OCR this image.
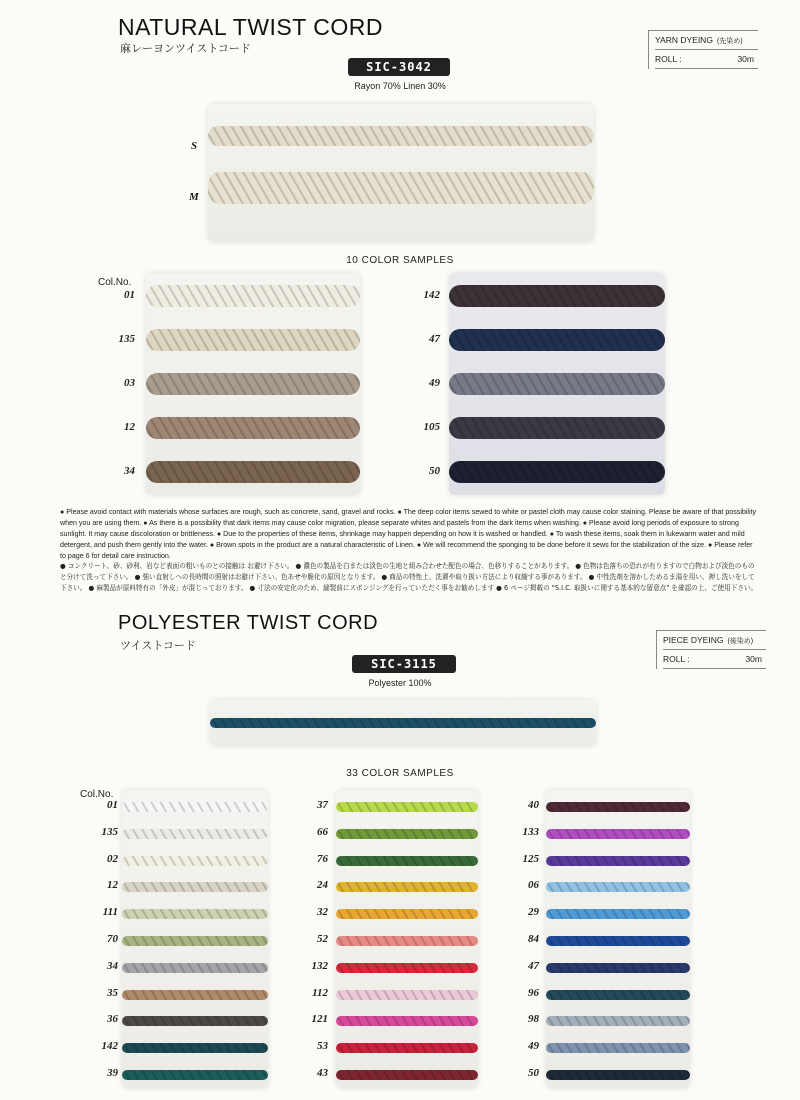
NATURAL TWIST CORD
麻レーヨンツイストコード
YARN DYEING (先染め)
ROLL :	30m
SIC-3042
Rayon 70% Linen 30%
S
M
10 COLOR SAMPLES
Col.No.
01
135
03
12
34
142
47
49
105
50
● Please avoid contact with materials whose surfaces are rough, such as concrete, sand, gravel and rocks. ● The deep color items sewed to white or pastel cloth may cause color staining. Please be aware of that possibility when you are using them. ● As there is a possibility that dark items may cause color migration, please separate whites and pastels from the dark items when washing. ● Please avoid long periods of exposure to strong sunlight. It may cause discoloration or brittleness. ● Due to the properties of these items, shrinkage may happen depending on how it is washed or handled. ● To wash these items, soak them in lukewarm water and mild detergent, and push them gently into the water. ● Brown spots in the product are a natural characteristic of Linen. ● We will recommend the sponging to be done before it sews for the stabilization of the size. ● Please refer to page 6 for detail care instruction.
● コンクリート、砂、砂利、岩など表面の粗いものとの接触は お避け下さい。 ● 濃色の製品を白または淡色の生地と組み合わせた配色の場合、色移りすることがあります。 ● 色物は色落ちの恐れが有りますので白物および淡色のものと分けて洗って下さい。 ● 強い直射しへの長時間の照射はお避け下さい。色あせや脆化の原因となります。 ● 商品の特性上、洗濯や取り扱い方法により収縮する事があります。 ● 中性洗剤を溶かしためるま湯を用い、押し洗いをして下さい。 ● 麻製品が原料特有の「外皮」が混じっております。 ● 寸法の安定化のため、縫製前にスポンジングを行っていただく事をお勧めします ● 6 ページ掲載の "S.I.C. 取扱いに関する基本的な留意点" を確認の上、ご使用下さい。
POLYESTER TWIST CORD
ツイストコード	PIECE DYEING (後染め)
ROLL :	30m
SIC-3115
Polyester 100%
33 COLOR SAMPLES
Col.No.
01
135
02
12
111
70
34
35
36
142
39
37
66
76
24
32
52
132
112
121
53
43
40
133
125
06
29
84
47
96
98
49
50
